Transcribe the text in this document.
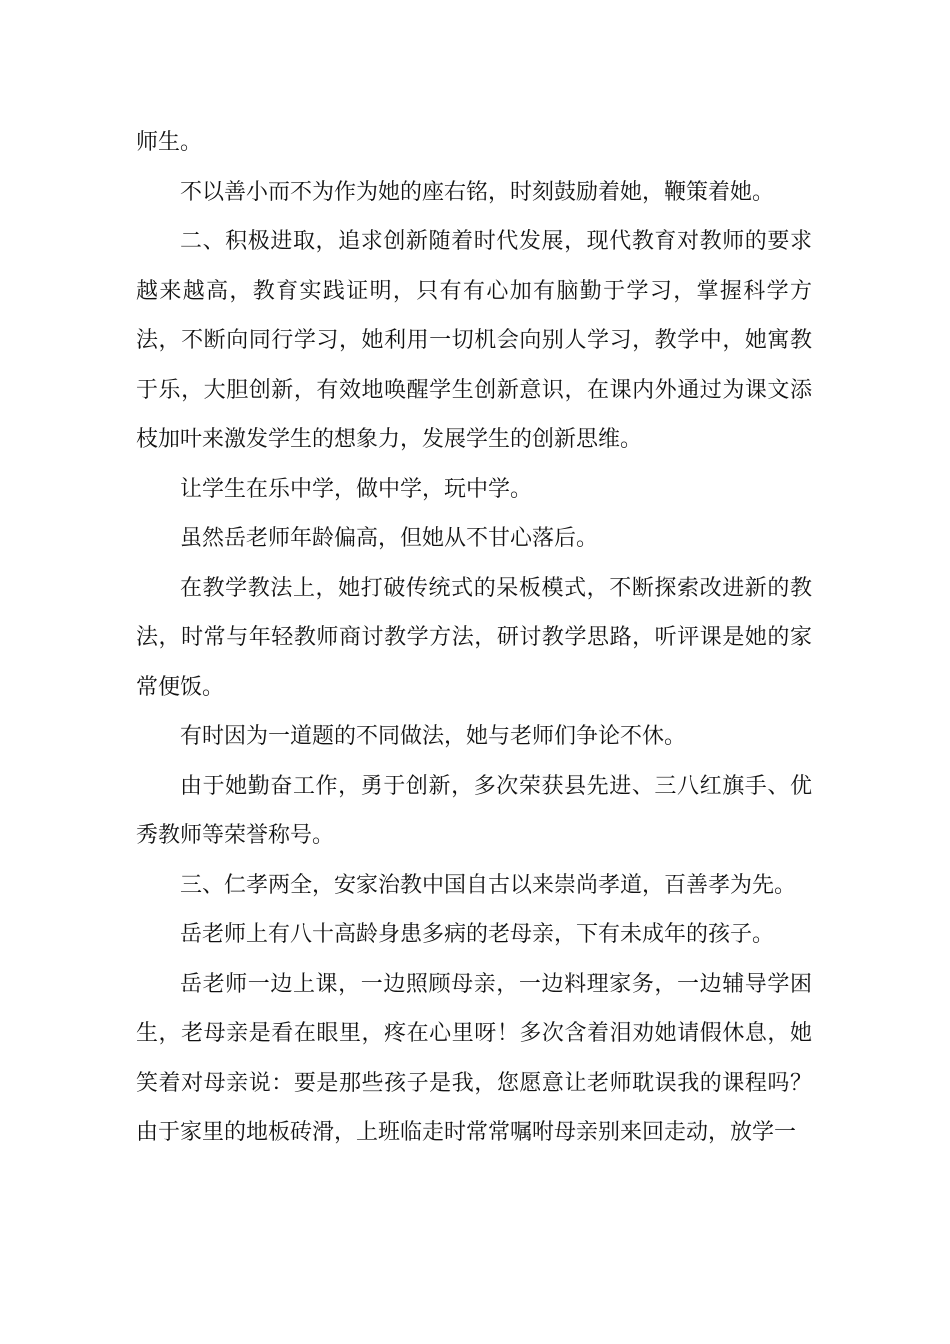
师生。

不以善小而不为作为她的座右铭，时刻鼓励着她，鞭策着她。

二、积极进取，追求创新随着时代发展，现代教育对教师的要求越来越高，教育实践证明，只有有心加有脑勤于学习，掌握科学方法，不断向同行学习，她利用一切机会向别人学习，教学中，她寓教于乐，大胆创新，有效地唤醒学生创新意识，在课内外通过为课文添枝加叶来激发学生的想象力，发展学生的创新思维。

让学生在乐中学，做中学，玩中学。

虽然岳老师年龄偏高，但她从不甘心落后。

在教学教法上，她打破传统式的呆板模式，不断探索改进新的教法，时常与年轻教师商讨教学方法，研讨教学思路，听评课是她的家常便饭。

有时因为一道题的不同做法，她与老师们争论不休。

由于她勤奋工作，勇于创新，多次荣获县先进、三八红旗手、优秀教师等荣誉称号。

三、仁孝两全，安家治教中国自古以来崇尚孝道，百善孝为先。

岳老师上有八十高龄身患多病的老母亲，下有未成年的孩子。

岳老师一边上课，一边照顾母亲，一边料理家务，一边辅导学困生，老母亲是看在眼里，疼在心里呀！多次含着泪劝她请假休息，她笑着对母亲说：要是那些孩子是我，您愿意让老师耽误我的课程吗？由于家里的地板砖滑，上班临走时常常嘱咐母亲别来回走动，放学一
